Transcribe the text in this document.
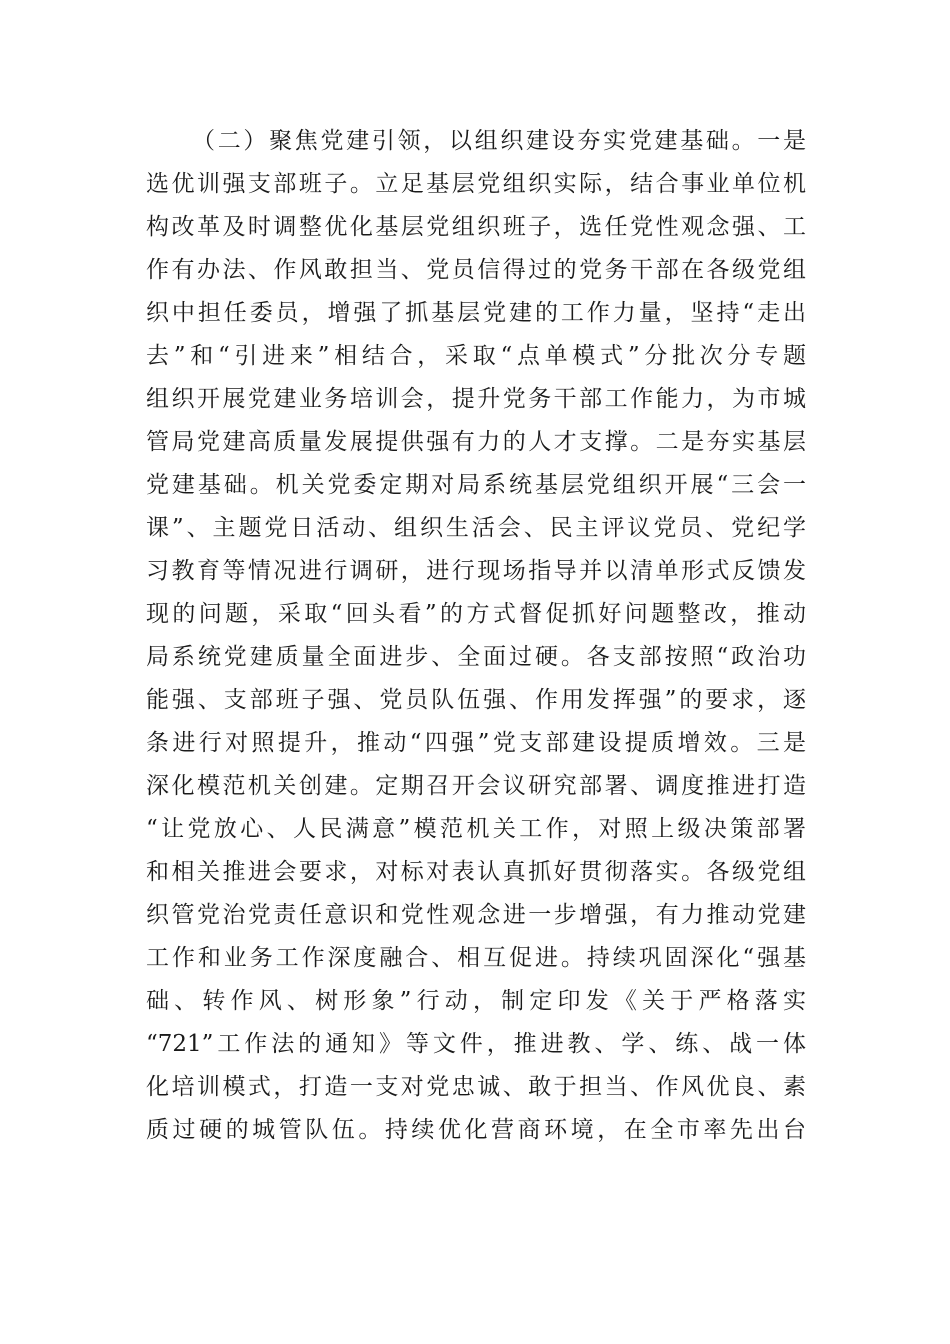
（二）聚焦党建引领，以组织建设夯实党建基础。一是
选优训强支部班子。立足基层党组织实际，结合事业单位机
构改革及时调整优化基层党组织班子，选任党性观念强、工
作有办法、作风敢担当、党员信得过的党务干部在各级党组
织中担任委员，增强了抓基层党建的工作力量，坚持“走出
去”和“引进来”相结合，采取“点单模式”分批次分专题
组织开展党建业务培训会，提升党务干部工作能力，为市城
管局党建高质量发展提供强有力的人才支撑。二是夯实基层
党建基础。机关党委定期对局系统基层党组织开展“三会一
课”、主题党日活动、组织生活会、民主评议党员、党纪学
习教育等情况进行调研，进行现场指导并以清单形式反馈发
现的问题，采取“回头看”的方式督促抓好问题整改，推动
局系统党建质量全面进步、全面过硬。各支部按照“政治功
能强、支部班子强、党员队伍强、作用发挥强”的要求，逐
条进行对照提升，推动“四强”党支部建设提质增效。三是
深化模范机关创建。定期召开会议研究部署、调度推进打造
“让党放心、人民满意”模范机关工作，对照上级决策部署
和相关推进会要求，对标对表认真抓好贯彻落实。各级党组
织管党治党责任意识和党性观念进一步增强，有力推动党建
工作和业务工作深度融合、相互促进。持续巩固深化“强基
础、转作风、树形象”行动，制定印发《关于严格落实
“721”工作法的通知》等文件，推进教、学、练、战一体
化培训模式，打造一支对党忠诚、敢于担当、作风优良、素
质过硬的城管队伍。持续优化营商环境，在全市率先出台
